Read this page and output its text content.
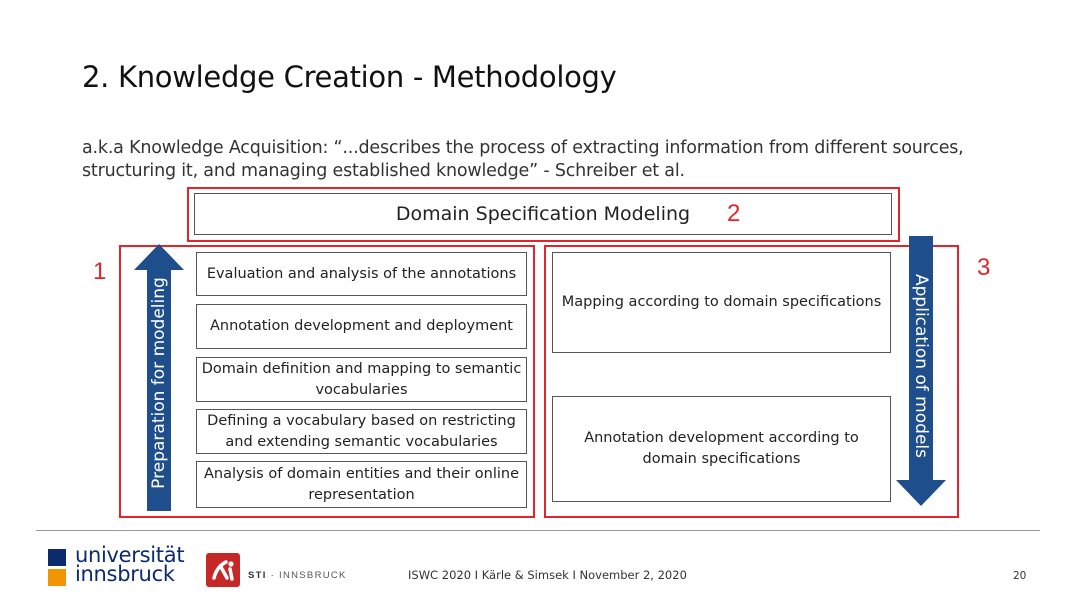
2. Knowledge Creation - Methodology
a.k.a Knowledge Acquisition: “...describes the process of extracting information from different sources, structuring it, and managing established knowledge” - Schreiber et al.
Domain Specification Modeling
1
2
3
Preparation for modeling	Application of models
Evaluation and analysis of the annotations
Annotation development and deployment
Domain definition and mapping to semantic vocabularies
Defining a vocabulary based on restricting and extending semantic vocabularies
Analysis of domain entities and their online representation
Mapping according to domain specifications
Annotation development according to domain specifications
universität
innsbruck	STI · INNSBRUCK	ISWC 2020 I Kärle & Simsek I November 2, 2020	20
